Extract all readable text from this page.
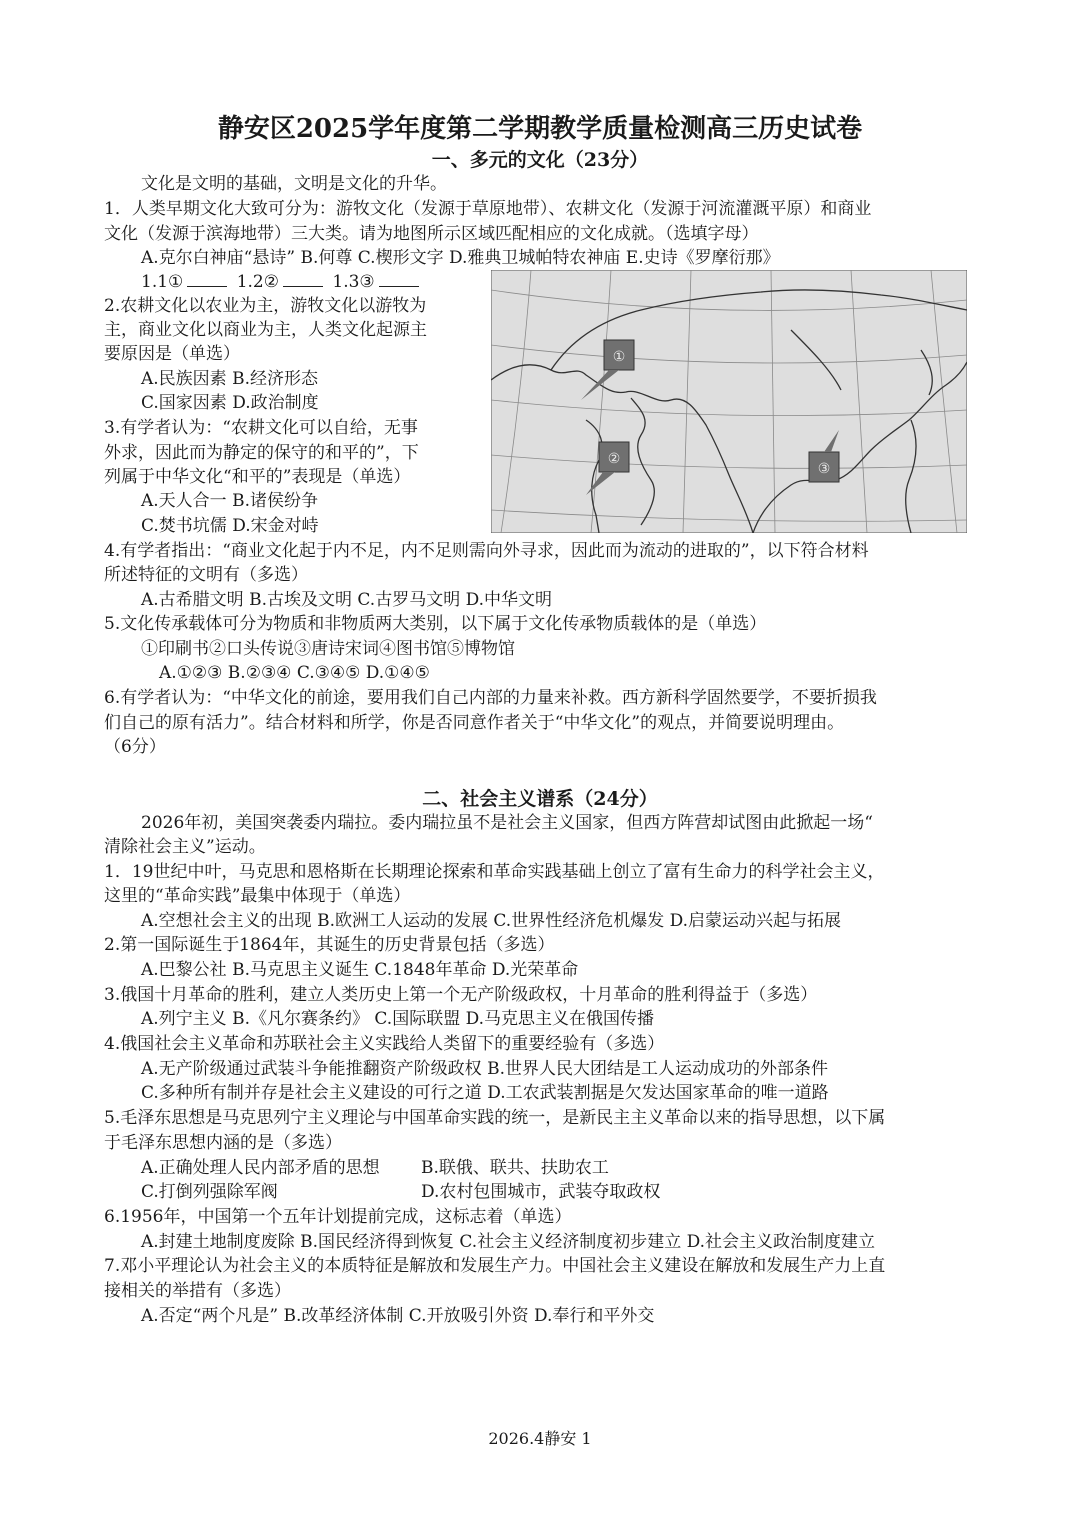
静安区2025学年度第二学期教学质量检测高三历史试卷
一、多元的文化（23分）
文化是文明的基础，文明是文化的升华。
1．人类早期文化大致可分为：游牧文化（发源于草原地带）、农耕文化（发源于河流灌溉平原）和商业
文化（发源于滨海地带）三大类。请为地图所示区域匹配相应的文化成就。（选填字母）
A.克尔白神庙“悬诗” B.何尊 C.楔形文字 D.雅典卫城帕特农神庙 E.史诗《罗摩衍那》
1.1①	1.2②	1.3③
2.农耕文化以农业为主，游牧文化以游牧为
主，商业文化以商业为主，人类文化起源主
要原因是（单选）
A.民族因素 B.经济形态
C.国家因素 D.政治制度
3.有学者认为：“农耕文化可以自给，无事
外求，因此而为静定的保守的和平的”，下
列属于中华文化“和平的”表现是（单选）
A.天人合一 B.诸侯纷争
C.焚书坑儒 D.宋金对峙
①
②
③
4.有学者指出：“商业文化起于内不足，内不足则需向外寻求，因此而为流动的进取的”，以下符合材料
所述特征的文明有（多选）
A.古希腊文明 B.古埃及文明 C.古罗马文明 D.中华文明
5.文化传承载体可分为物质和非物质两大类别，以下属于文化传承物质载体的是（单选）
①印刷书②口头传说③唐诗宋词④图书馆⑤博物馆
A.①②③ B.②③④ C.③④⑤ D.①④⑤
6.有学者认为：“中华文化的前途，要用我们自己内部的力量来补救。西方新科学固然要学，不要折损我
们自己的原有活力”。结合材料和所学，你是否同意作者关于“中华文化”的观点，并简要说明理由。
（6分）
二、社会主义谱系（24分）
2026年初，美国突袭委内瑞拉。委内瑞拉虽不是社会主义国家，但西方阵营却试图由此掀起一场“
清除社会主义”运动。
1．19世纪中叶，马克思和恩格斯在长期理论探索和革命实践基础上创立了富有生命力的科学社会主义，
这里的“革命实践”最集中体现于（单选）
A.空想社会主义的出现 B.欧洲工人运动的发展 C.世界性经济危机爆发 D.启蒙运动兴起与拓展
2.第一国际诞生于1864年，其诞生的历史背景包括（多选）
A.巴黎公社 B.马克思主义诞生 C.1848年革命 D.光荣革命
3.俄国十月革命的胜利，建立人类历史上第一个无产阶级政权，十月革命的胜利得益于（多选）
A.列宁主义 B.《凡尔赛条约》 C.国际联盟 D.马克思主义在俄国传播
4.俄国社会主义革命和苏联社会主义实践给人类留下的重要经验有（多选）
A.无产阶级通过武装斗争能推翻资产阶级政权 B.世界人民大团结是工人运动成功的外部条件
C.多种所有制并存是社会主义建设的可行之道 D.工农武装割据是欠发达国家革命的唯一道路
5.毛泽东思想是马克思列宁主义理论与中国革命实践的统一，是新民主主义革命以来的指导思想，以下属
于毛泽东思想内涵的是（多选）
A.正确处理人民内部矛盾的思想 B.联俄、联共、扶助农工
C.打倒列强除军阀	D.农村包围城市，武装夺取政权
6.1956年，中国第一个五年计划提前完成，这标志着（单选）
A.封建土地制度废除 B.国民经济得到恢复 C.社会主义经济制度初步建立 D.社会主义政治制度建立
7.邓小平理论认为社会主义的本质特征是解放和发展生产力。中国社会主义建设在解放和发展生产力上直
接相关的举措有（多选）
A.否定“两个凡是” B.改革经济体制 C.开放吸引外资 D.奉行和平外交
2026.4静安 1
